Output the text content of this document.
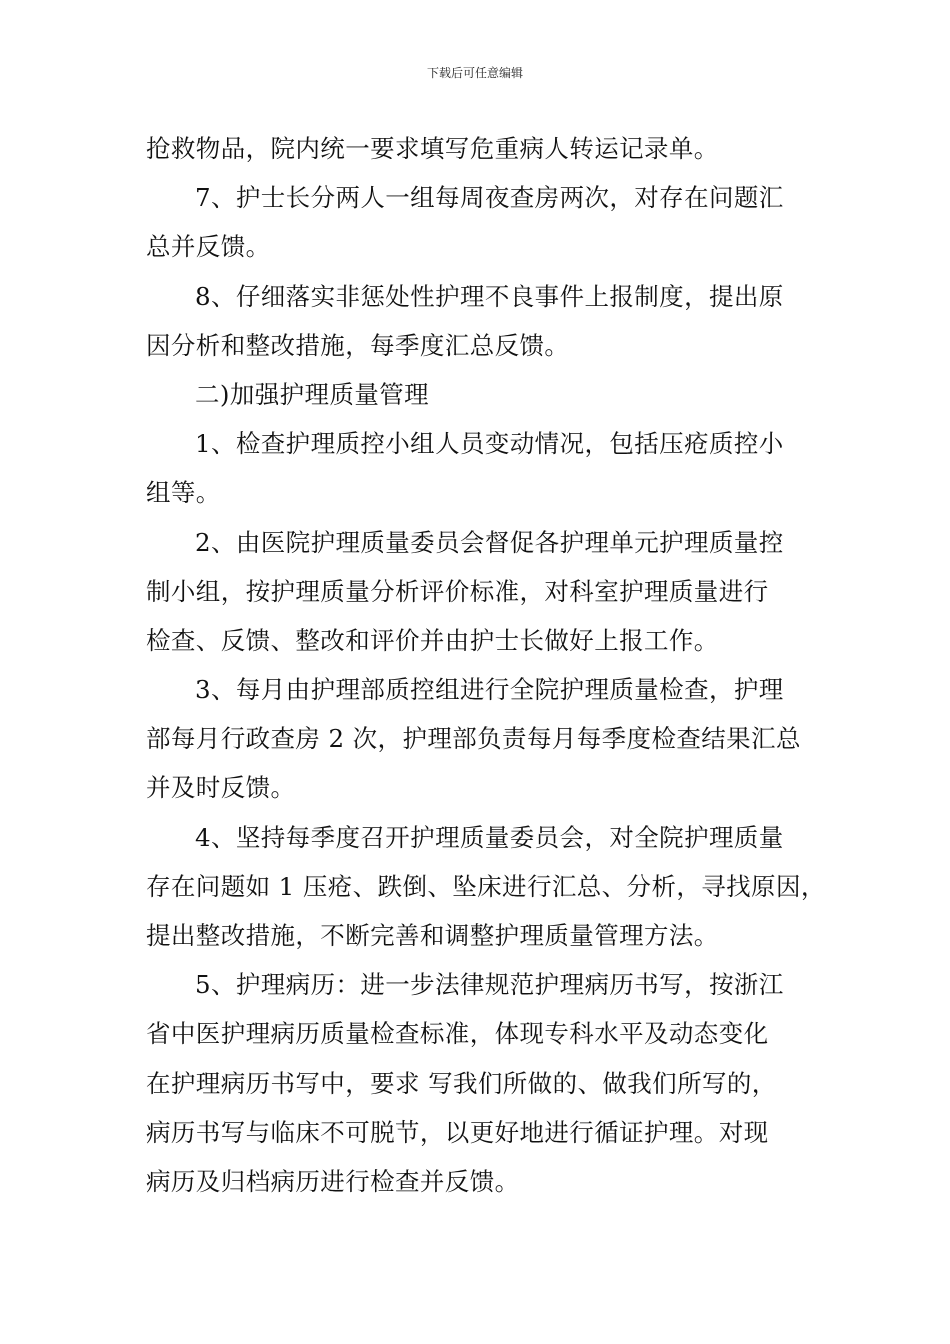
下载后可任意编辑
抢救物品，院内统一要求填写危重病人转运记录单。
7、护士长分两人一组每周夜查房两次，对存在问题汇
总并反馈。
8、仔细落实非惩处性护理不良事件上报制度，提出原
因分析和整改措施，每季度汇总反馈。
二)加强护理质量管理
1、检查护理质控小组人员变动情况，包括压疮质控小
组等。
2、由医院护理质量委员会督促各护理单元护理质量控
制小组，按护理质量分析评价标准，对科室护理质量进行
检查、反馈、整改和评价并由护士长做好上报工作。
3、每月由护理部质控组进行全院护理质量检查，护理
部每月行政查房 2 次，护理部负责每月每季度检查结果汇总
并及时反馈。
4、坚持每季度召开护理质量委员会，对全院护理质量
存在问题如 1 压疮、跌倒、坠床进行汇总、分析，寻找原因，
提出整改措施，不断完善和调整护理质量管理方法。
5、护理病历：进一步法律规范护理病历书写，按浙江
省中医护理病历质量检查标准，体现专科水平及动态变化
在护理病历书写中，要求 写我们所做的、做我们所写的，
病历书写与临床不可脱节，以更好地进行循证护理。对现
病历及归档病历进行检查并反馈。
